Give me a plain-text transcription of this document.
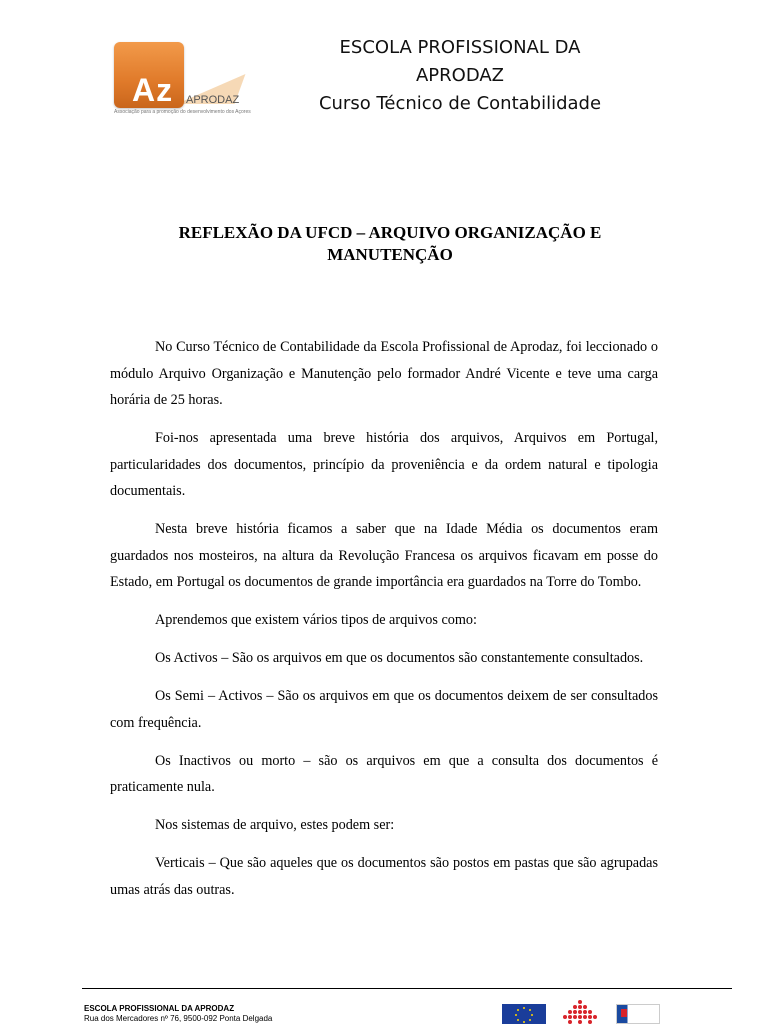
Az APRODAZ
Associação para a promoção do desenvolvimento dos Açores
ESCOLA PROFISSIONAL DA
APRODAZ
Curso Técnico de Contabilidade
REFLEXÃO DA UFCD – ARQUIVO ORGANIZAÇÃO E
MANUTENÇÃO

No Curso Técnico de Contabilidade da Escola Profissional de Aprodaz, foi leccionado o módulo Arquivo Organização e Manutenção pelo formador André Vicente e teve uma carga horária de 25 horas.

Foi-nos apresentada uma breve história dos arquivos, Arquivos em Portugal, particularidades dos documentos, princípio da proveniência e da ordem natural e tipologia documentais.

Nesta breve história ficamos a saber que na Idade Média os documentos eram guardados nos mosteiros, na altura da Revolução Francesa os arquivos ficavam em posse do Estado, em Portugal os documentos de grande importância era guardados na Torre do Tombo.

Aprendemos que existem vários tipos de arquivos como:

Os Activos – São os arquivos em que os documentos são constantemente consultados.

Os Semi – Activos – São os arquivos em que os documentos deixem de ser consultados com frequência.

Os Inactivos ou morto – são os arquivos em que a consulta dos documentos é praticamente nula.

Nos sistemas de arquivo, estes podem ser:

Verticais – Que são aqueles que os documentos são postos em pastas que são agrupadas umas atrás das outras.

ESCOLA PROFISSIONAL DA APRODAZ
Rua dos Mercadores nº 76, 9500-092 Ponta Delgada
